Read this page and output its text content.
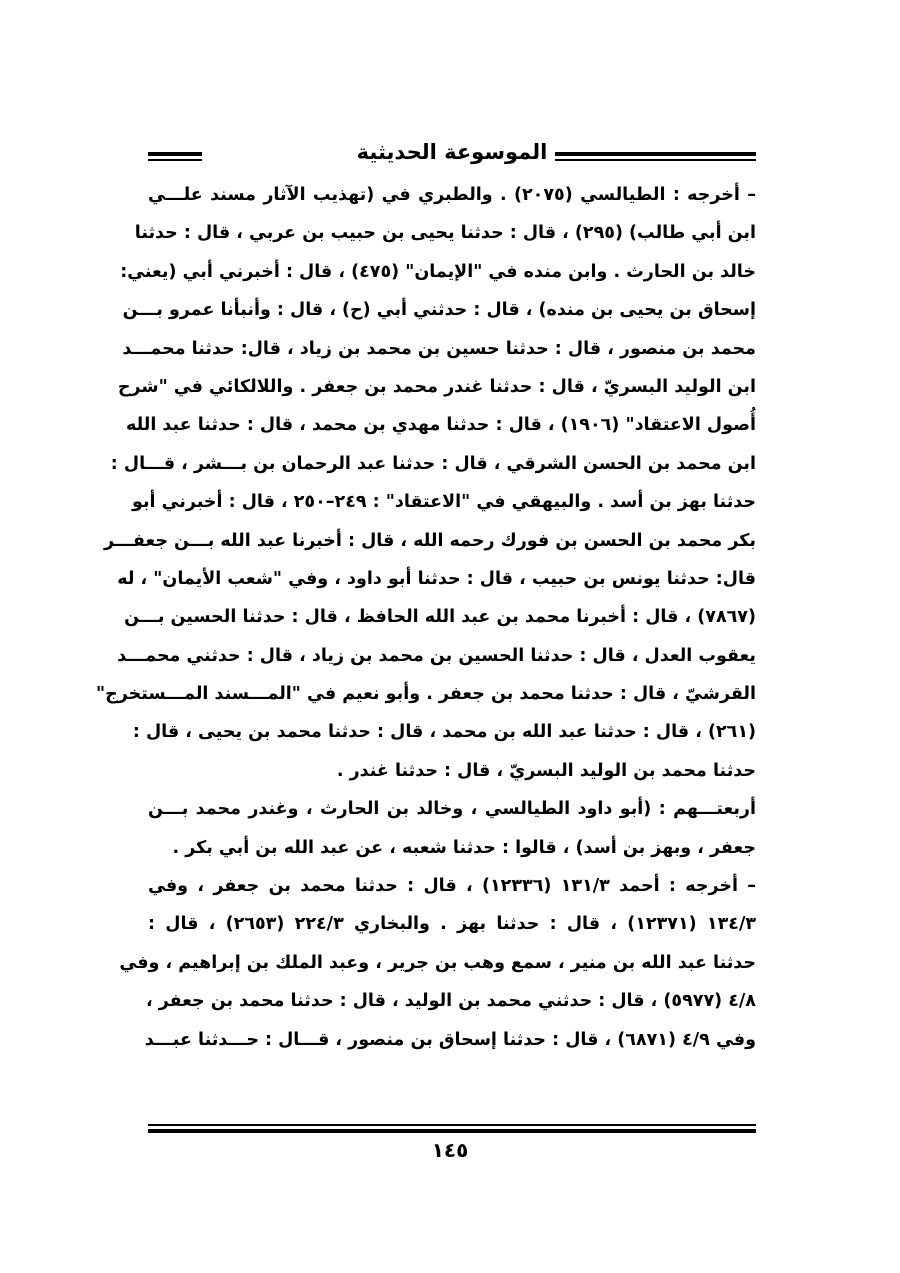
الموسوعة الحديثية
– أخرجه : الطيالسي (٢٠٧٥) . والطبري في (تهذيب الآثار مسند علـــي
ابن أبي طالب) (٢٩٥) ، قال : حدثنا يحيى بن حبيب بن عربي ، قال : حدثنا
خالد بن الحارث . وابن منده في "الإيمان" (٤٧٥) ، قال : أخبرني أبي (يعني:
إسحاق بن يحيى بن منده) ، قال : حدثني أبي (ح) ، قال : وأنبأنا عمرو بـــن
محمد بن منصور ، قال : حدثنا حسين بن محمد بن زياد ، قال: حدثنا محمـــد
ابن الوليد البسريّ ، قال : حدثنا غندر محمد بن جعفر . واللالكائي في "شرح
أُصول الاعتقاد" (١٩٠٦) ، قال : حدثنا مهدي بن محمد ، قال : حدثنا عبد الله
ابن محمد بن الحسن الشرقي ، قال : حدثنا عبد الرحمان بن بـــشر ، قـــال :
حدثنا بهز بن أسد . والبيهقي في "الاعتقاد" : ٢٤٩–٢٥٠ ، قال : أخبرني أبو
بكر محمد بن الحسن بن فورك رحمه الله ، قال : أخبرنا عبد الله بـــن جعفـــر
قال: حدثنا يونس بن حبيب ، قال : حدثنا أبو داود ، وفي "شعب الأيمان" ، له
(٧٨٦٧) ، قال : أخبرنا محمد بن عبد الله الحافظ ، قال : حدثنا الحسين بـــن
يعقوب العدل ، قال : حدثنا الحسين بن محمد بن زياد ، قال : حدثني محمـــد
القرشيّ ، قال : حدثنا محمد بن جعفر . وأبو نعيم في "المـــسند المـــستخرج"
(٢٦١) ، قال : حدثنا عبد الله بن محمد ، قال : حدثنا محمد بن يحيى ، قال :
حدثنا محمد بن الوليد البسريّ ، قال : حدثنا غندر .
أربعتـــهم : (أبو داود الطيالسي ، وخالد بن الحارث ، وغندر محمد بـــن
جعفر ، وبهز بن أسد) ، قالوا : حدثنا شعبه ، عن عبد الله بن أبي بكر .
– أخرجه : أحمد ١٣١/٣ (١٢٣٣٦) ، قال : حدثنا محمد بن جعفر ، وفي
١٣٤/٣ (١٢٣٧١) ، قال : حدثنا بهز . والبخاري ٢٢٤/٣ (٢٦٥٣) ، قال :
حدثنا عبد الله بن منير ، سمع وهب بن جرير ، وعبد الملك بن إبراهيم ، وفي
٤/٨ (٥٩٧٧) ، قال : حدثني محمد بن الوليد ، قال : حدثنا محمد بن جعفر ،
وفي ٤/٩ (٦٨٧١) ، قال : حدثنا إسحاق بن منصور ، قـــال : حـــدثنا عبـــد
١٤٥
